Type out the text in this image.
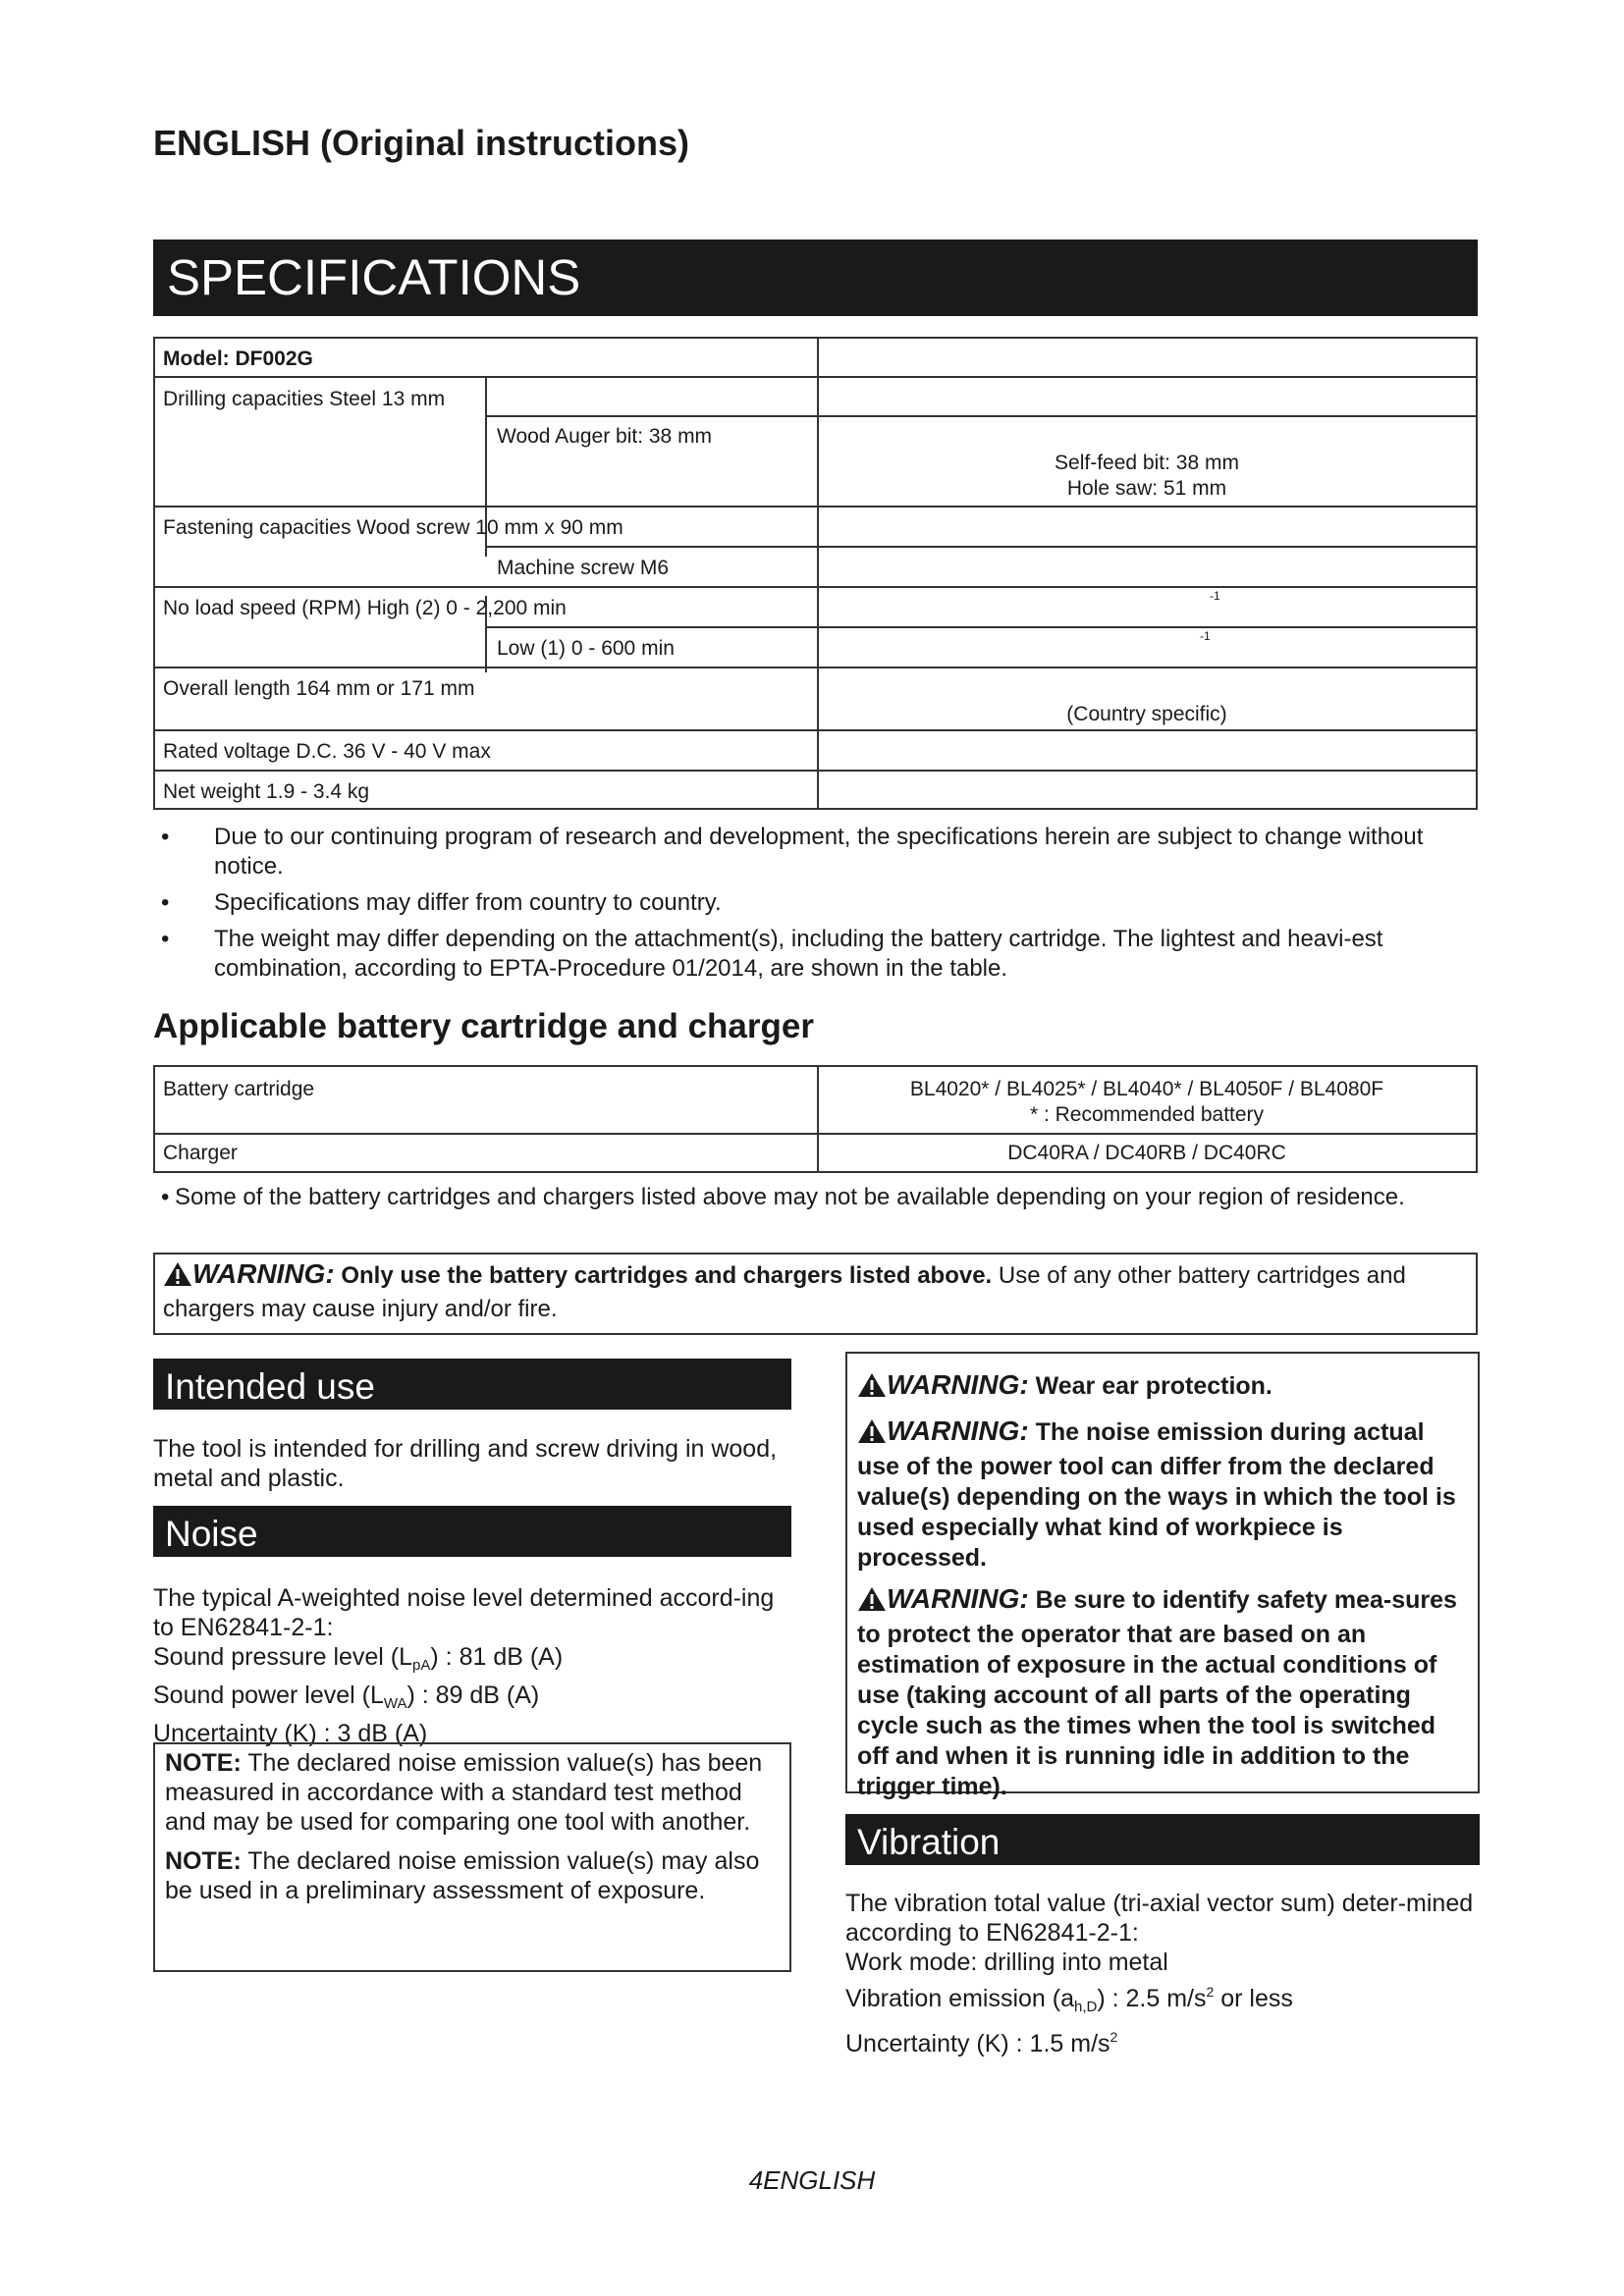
ENGLISH (Original instructions)
SPECIFICATIONS
Model: DF002G
Drilling capacities Steel 13 mm
Wood Auger bit: 38 mm
Self-feed bit: 38 mm
Hole saw: 51 mm
Fastening capacities Wood screw 10 mm x 90 mm
Machine screw M6
No load speed (RPM) High (2) 0 - 2,200 min
-1
Low (1) 0 - 600 min
-1
Overall length 164 mm or 171 mm
(Country specific)
Rated voltage D.C. 36 V - 40 V max
Net weight 1.9 - 3.4 kg
• Due to our continuing program of research and development, the specifications herein are subject to change without notice.
• Specifications may differ from country to country.
• The weight may differ depending on the attachment(s), including the battery cartridge. The lightest and heavi-est combination, according to EPTA-Procedure 01/2014, are shown in the table.
Applicable battery cartridge and charger
Battery cartridge	BL4020* / BL4025* / BL4040* / BL4050F / BL4080F
* : Recommended battery
Charger	DC40RA / DC40RB / DC40RC
• Some of the battery cartridges and chargers listed above may not be available depending on your region of residence.
WARNING: Only use the battery cartridges and chargers listed above. Use of any other battery cartridges and chargers may cause injury and/or fire.
Intended use
The tool is intended for drilling and screw driving in wood, metal and plastic.
Noise
The typical A-weighted noise level determined accord-ing to EN62841-2-1:
Sound pressure level $(L_{pA})$ : 81 dB (A)
Sound power level $(L_{WA})$ : 89 dB (A)
Uncertainty (K) : 3 dB (A)
NOTE: The declared noise emission value(s) has been measured in accordance with a standard test method and may be used for comparing one tool with another.
NOTE: The declared noise emission value(s) may also be used in a preliminary assessment of exposure.
WARNING: Wear ear protection.
WARNING: The noise emission during actual use of the power tool can differ from the declared value(s) depending on the ways in which the tool is used especially what kind of workpiece is processed.
WARNING: Be sure to identify safety mea-sures to protect the operator that are based on an estimation of exposure in the actual conditions of use (taking account of all parts of the operating cycle such as the times when the tool is switched off and when it is running idle in addition to the trigger time).
Vibration
The vibration total value (tri-axial vector sum) deter-mined according to EN62841-2-1:
Work mode: drilling into metal
Vibration emission $(a_{h,D})$ : 2.5 $m/s^2$ or less
Uncertainty (K) : 1.5 $m/s^2$
4ENGLISH
